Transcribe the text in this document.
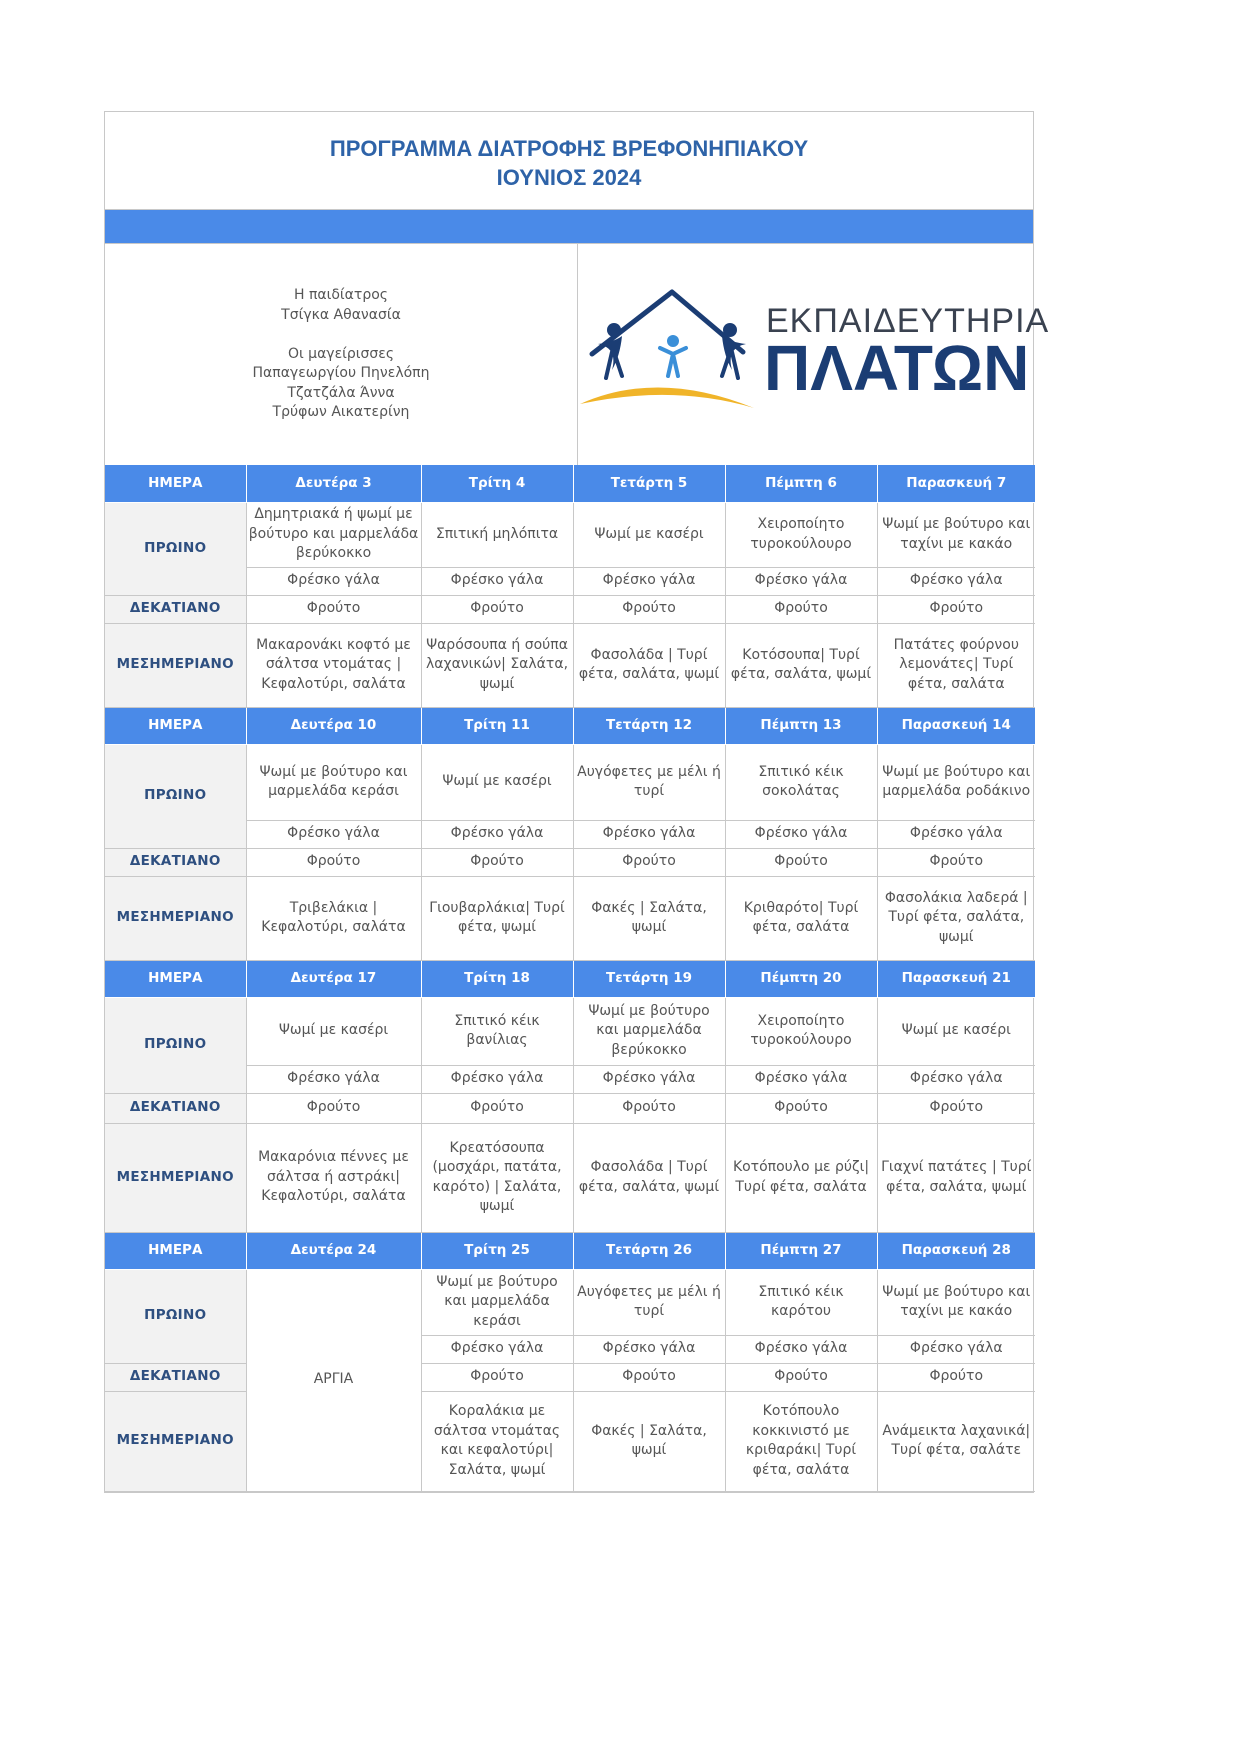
ΠΡΟΓΡΑΜΜΑ ΔΙΑΤΡΟΦΗΣ ΒΡΕΦΟΝΗΠΙΑΚΟΥ
ΙΟΥΝΙΟΣ 2024
Η παιδίατρος
Τσίγκα Αθανασία
Οι μαγείρισσες
Παπαγεωργίου Πηνελόπη
Τζατζάλα Άννα
Τρύφων Αικατερίνη
ΕΚΠΑΙΔΕΥΤΗΡΙΑ
ΠΛΑΤΩΝ
ΗΜΕΡΑ	Δευτέρα 3	Τρίτη 4	Τετάρτη 5	Πέμπτη 6	Παρασκευή 7
ΠΡΩΙΝΟ	Δημητριακά ή ψωμί με βούτυρο και μαρμελάδα βερύκοκκο	Σπιτική μηλόπιτα	Ψωμί με κασέρι	Χειροποίητο τυροκούλουρο	Ψωμί με βούτυρο και ταχίνι με κακάο
	Φρέσκο γάλα	Φρέσκο γάλα	Φρέσκο γάλα	Φρέσκο γάλα	Φρέσκο γάλα
ΔΕΚΑΤΙΑΝΟ	Φρούτο	Φρούτο	Φρούτο	Φρούτο	Φρούτο
ΜΕΣΗΜΕΡΙΑΝΟ	Μακαρονάκι κοφτό με σάλτσα ντομάτας | Κεφαλοτύρι, σαλάτα	Ψαρόσουπα ή σούπα λαχανικών| Σαλάτα, ψωμί	Φασολάδα | Τυρί φέτα, σαλάτα, ψωμί	Κοτόσουπα| Τυρί φέτα, σαλάτα, ψωμί	Πατάτες φούρνου λεμονάτες| Τυρί φέτα, σαλάτα
ΗΜΕΡΑ	Δευτέρα 10	Τρίτη 11	Τετάρτη 12	Πέμπτη 13	Παρασκευή 14
ΠΡΩΙΝΟ	Ψωμί με βούτυρο και μαρμελάδα κεράσι	Ψωμί με κασέρι	Αυγόφετες με μέλι ή τυρί	Σπιτικό κέικ σοκολάτας	Ψωμί με βούτυρο και μαρμελάδα ροδάκινο
	Φρέσκο γάλα	Φρέσκο γάλα	Φρέσκο γάλα	Φρέσκο γάλα	Φρέσκο γάλα
ΔΕΚΑΤΙΑΝΟ	Φρούτο	Φρούτο	Φρούτο	Φρούτο	Φρούτο
ΜΕΣΗΜΕΡΙΑΝΟ	Τριβελάκια | Κεφαλοτύρι, σαλάτα	Γιουβαρλάκια| Τυρί φέτα, ψωμί	Φακές | Σαλάτα, ψωμί	Κριθαρότο| Τυρί φέτα, σαλάτα	Φασολάκια λαδερά | Τυρί φέτα, σαλάτα, ψωμί
ΗΜΕΡΑ	Δευτέρα 17	Τρίτη 18	Τετάρτη 19	Πέμπτη 20	Παρασκευή 21
ΠΡΩΙΝΟ	Ψωμί με κασέρι	Σπιτικό κέικ βανίλιας	Ψωμί με βούτυρο και μαρμελάδα βερύκοκκο	Χειροποίητο τυροκούλουρο	Ψωμί με κασέρι
	Φρέσκο γάλα	Φρέσκο γάλα	Φρέσκο γάλα	Φρέσκο γάλα	Φρέσκο γάλα
ΔΕΚΑΤΙΑΝΟ	Φρούτο	Φρούτο	Φρούτο	Φρούτο	Φρούτο
ΜΕΣΗΜΕΡΙΑΝΟ	Μακαρόνια πέννες με σάλτσα ή αστράκι| Κεφαλοτύρι, σαλάτα	Κρεατόσουπα (μοσχάρι, πατάτα, καρότο) | Σαλάτα, ψωμί	Φασολάδα | Τυρί φέτα, σαλάτα, ψωμί	Κοτόπουλο με ρύζι| Τυρί φέτα, σαλάτα	Γιαχνί πατάτες | Τυρί φέτα, σαλάτα, ψωμί
ΗΜΕΡΑ	Δευτέρα 24	Τρίτη 25	Τετάρτη 26	Πέμπτη 27	Παρασκευή 28
ΠΡΩΙΝΟ	ΑΡΓΙΑ	Ψωμί με βούτυρο και μαρμελάδα κεράσι	Αυγόφετες με μέλι ή τυρί	Σπιτικό κέικ καρότου	Ψωμί με βούτυρο και ταχίνι με κακάο
		Φρέσκο γάλα	Φρέσκο γάλα	Φρέσκο γάλα	Φρέσκο γάλα
ΔΕΚΑΤΙΑΝΟ		Φρούτο	Φρούτο	Φρούτο	Φρούτο
ΜΕΣΗΜΕΡΙΑΝΟ		Κοραλάκια με σάλτσα ντομάτας και κεφαλοτύρι|Σαλάτα, ψωμί	Φακές | Σαλάτα, ψωμί	Κοτόπουλο κοκκινιστό με κριθαράκι| Τυρί φέτα, σαλάτα	Ανάμεικτα λαχανικά|Τυρί φέτα, σαλάτε
